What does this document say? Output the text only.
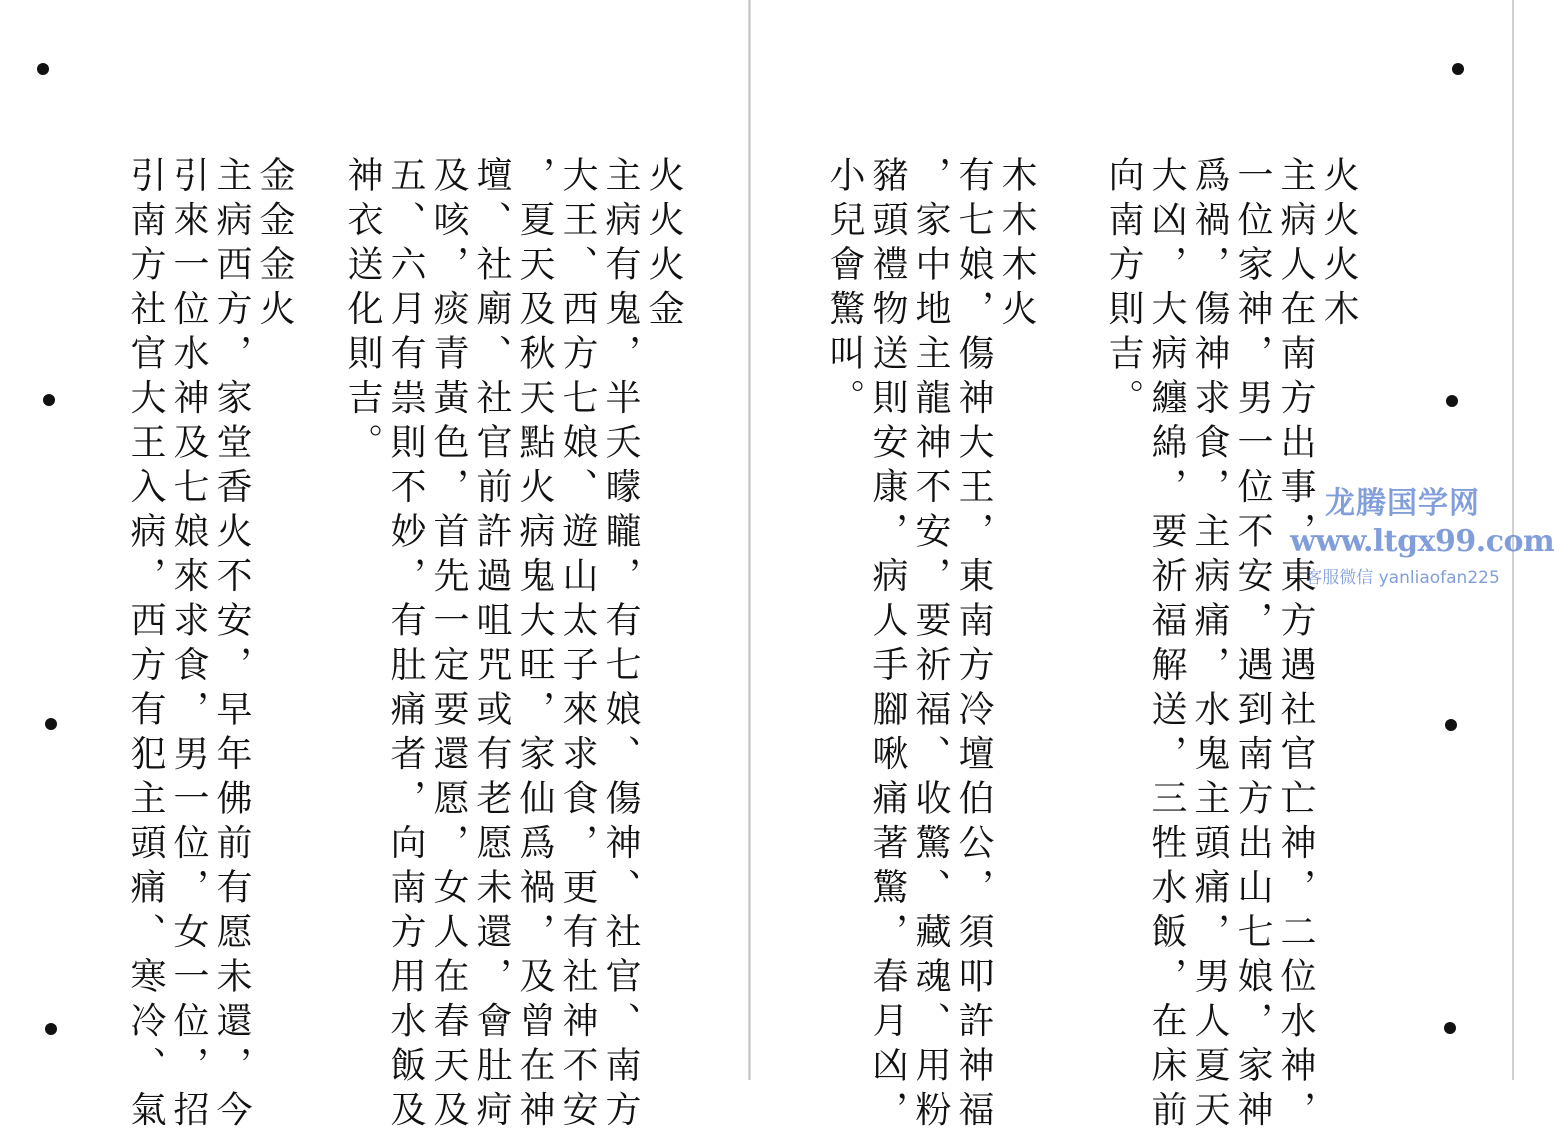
火火火金
主病有鬼，半夭曚矓，有七娘、傷神、社官、南方
大王、西方七娘、遊山太子來求食，更有社神不安
，夏天及秋天點火病鬼大旺，家仙爲禍，及曾在神
壇、社廟、社官前許過咀咒或有老愿未還，會肚疴
及咳，痰青黃色，首先一定要還愿，女人在春天及
五、六月有祟則不妙，有肚痛者，向南方用水飯及
神衣送化則吉。
金金金火
主病西方，家堂香火不安，早年佛前有愿未還，今
引來一位水神及七娘來求食，男一位，女一位，招
引南方社官大王入病，西方有犯主頭痛、寒冷、氣	火火火木
主病人在南方出事，東方遇社官亡神，二位水神，
一位家神，男一位不安，遇到南方出山七娘，家神
爲禍，傷神求食，主病痛，水鬼主頭痛，男人夏天
大凶，大病纏綿，要祈福解送，三牲水飯，在床前
向南方則吉。
木木木火
有七娘，傷神大王，東南方冷壇伯公，須叩許神福
，家中地主龍神不安，要祈福、收驚、藏魂、用粉
豬頭禮物送則安康，病人手腳啾痛著驚，春月凶，
小兒會驚叫。
龙腾国学网
www.ltgx99.com
客服微信 yanliaofan225
